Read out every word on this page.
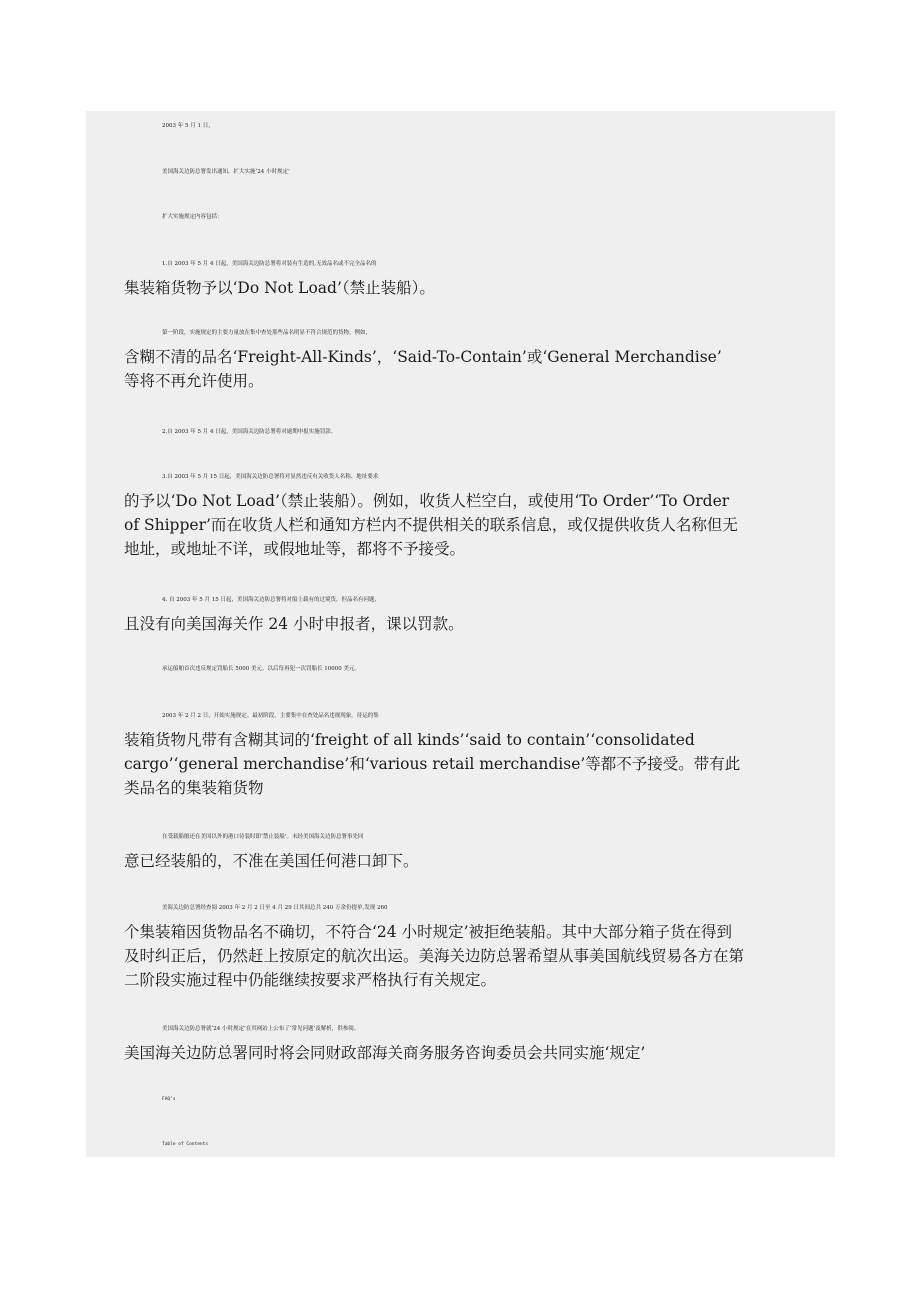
2003 年 5 月 1 日，
美国海关边防总署发出通知，扩大实施‘24 小时规定’
扩大实施规定内容包括：
1.自 2003 年 5 月 4 日起，美国海关边防总署将对装有生造的,无效品名或不完全品名的
集装箱货物予以‘Do Not Load’（禁止装船）。
第一阶段，实施规定的主要力量放在集中查处那些品名明显不符合规范的货物。例如，
含糊不清的品名‘Freight-All-Kinds’，‘Said-To-Contain’或‘General Merchandise’
等将不再允许使用。
2.自 2003 年 5 月 4 日起，美国海关边防总署将对逾期申报实施罚款。
3.自 2003 年 5 月 15 日起，美国海关边防总署将对显然违反有关收货人名称、地址要求
的予以‘Do Not Load’（禁止装船）。例如，收货人栏空白，或使用‘To Order’‘To Order
of Shipper’而在收货人栏和通知方栏内不提供相关的联系信息，或仅提供收货人名称但无
地址，或地址不详，或假地址等，都将不予接受。
4. 自 2003 年 5 月 15 日起，美国海关边防总署将对船上载有的过境货，但品名有问题，
且没有向美国海关作 24 小时申报者，课以罚款。
承运船舶首次违反规定罚船长 5000 美元。以后每再犯一次罚船长 10000 美元。
2003 年 2 月 2 日，开始实施规定。最初阶段，主要集中在查处品名违规现象。待运的集
装箱货物凡带有含糊其词的‘freight of all kinds’‘said to contain’‘consolidated
cargo’‘general merchandise’和‘various retail merchandise’等都不予接受。带有此
类品名的集装箱货物
在受载船舶还在美国以外的港口待装时即‘禁止装船’。未经美国海关边防总署事先同
意已经装船的，不准在美国任何港口卸下。
美海关边防总署经查阅 2003 年 2 月 2 日至 4 月 29 日其间总共 240 万余份提单,发现 260
个集装箱因货物品名不确切，不符合‘24 小时规定’被拒绝装船。其中大部分箱子货在得到
及时纠正后，仍然赶上按原定的航次出运。美海关边防总署希望从事美国航线贸易各方在第
二阶段实施过程中仍能继续按要求严格执行有关规定。
美国海关边防总署就‘24 小时规定’在其网站上公布了‘常见问题’及解析，供参阅。
美国海关边防总署同时将会同财政部海关商务服务咨询委员会共同实施‘规定’
FAQ’s
Table of Contents
